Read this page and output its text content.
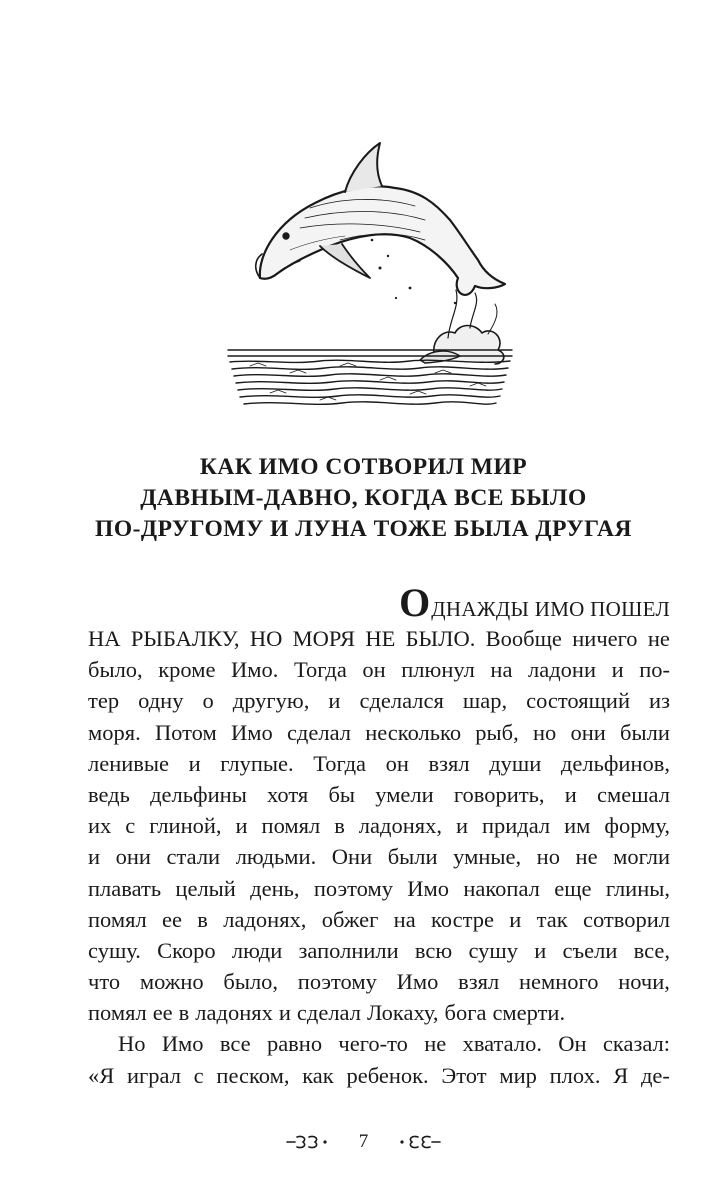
КАК ИМО СОТВОРИЛ МИР
ДАВНЫМ-ДАВНО, КОГДА ВСЕ БЫЛО
ПО-ДРУГОМУ И ЛУНА ТОЖЕ БЫЛА ДРУГАЯ
О ДНАЖДЫ ИМО ПОШЕЛ
НА РЫБАЛКУ, НО МОРЯ НЕ БЫЛО. Вообще ничего не
было, кроме Имо. Тогда он плюнул на ладони и по-
тер одну о другую, и сделался шар, состоящий из
моря. Потом Имо сделал несколько рыб, но они были
ленивые и глупые. Тогда он взял души дельфинов,
ведь дельфины хотя бы умели говорить, и смешал
их с глиной, и помял в ладонях, и придал им форму,
и они стали людьми. Они были умные, но не могли
плавать целый день, поэтому Имо накопал еще глины,
помял ее в ладонях, обжег на костре и так сотворил
сушу. Скоро люди заполнили всю сушу и съели все,
что можно было, поэтому Имо взял немного ночи,
помял ее в ладонях и сделал Локаху, бога смерти.
Но Имо все равно чего-то не хватало. Он сказал:
«Я играл с песком, как ребенок. Этот мир плох. Я де-
7
